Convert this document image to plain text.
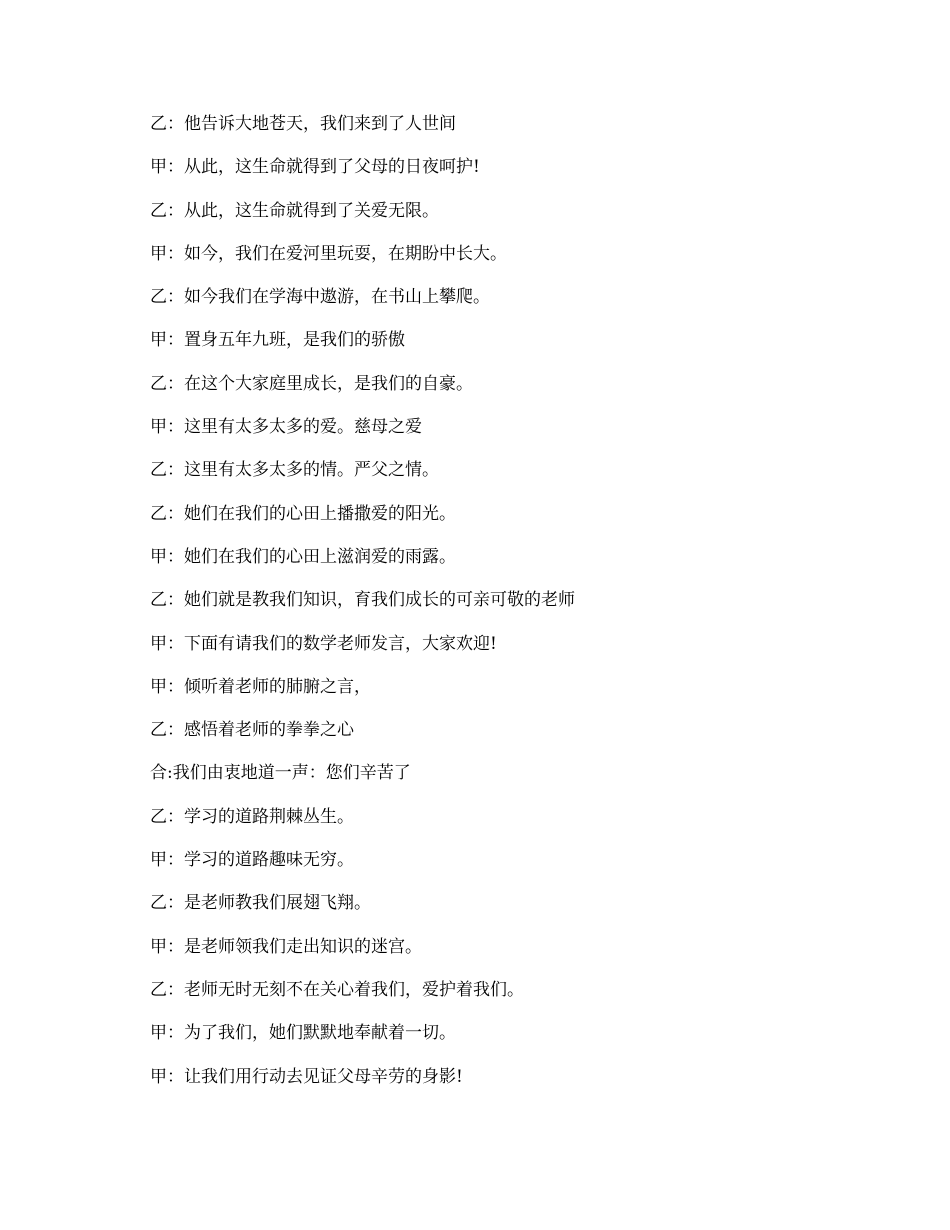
乙：他告诉大地苍天，我们来到了人世间
甲：从此，这生命就得到了父母的日夜呵护!
乙：从此，这生命就得到了关爱无限。
甲：如今，我们在爱河里玩耍，在期盼中长大。
乙：如今我们在学海中遨游，在书山上攀爬。
甲：置身五年九班，是我们的骄傲
乙：在这个大家庭里成长，是我们的自豪。
甲：这里有太多太多的爱。慈母之爱
乙：这里有太多太多的情。严父之情。
乙：她们在我们的心田上播撒爱的阳光。
甲：她们在我们的心田上滋润爱的雨露。
乙：她们就是教我们知识，育我们成长的可亲可敬的老师
甲：下面有请我们的数学老师发言，大家欢迎!
甲：倾听着老师的肺腑之言，
乙：感悟着老师的拳拳之心
合:我们由衷地道一声：您们辛苦了
乙：学习的道路荆棘丛生。
甲：学习的道路趣味无穷。
乙：是老师教我们展翅飞翔。
甲：是老师领我们走出知识的迷宫。
乙：老师无时无刻不在关心着我们，爱护着我们。
甲：为了我们，她们默默地奉献着一切。
甲：让我们用行动去见证父母辛劳的身影!
